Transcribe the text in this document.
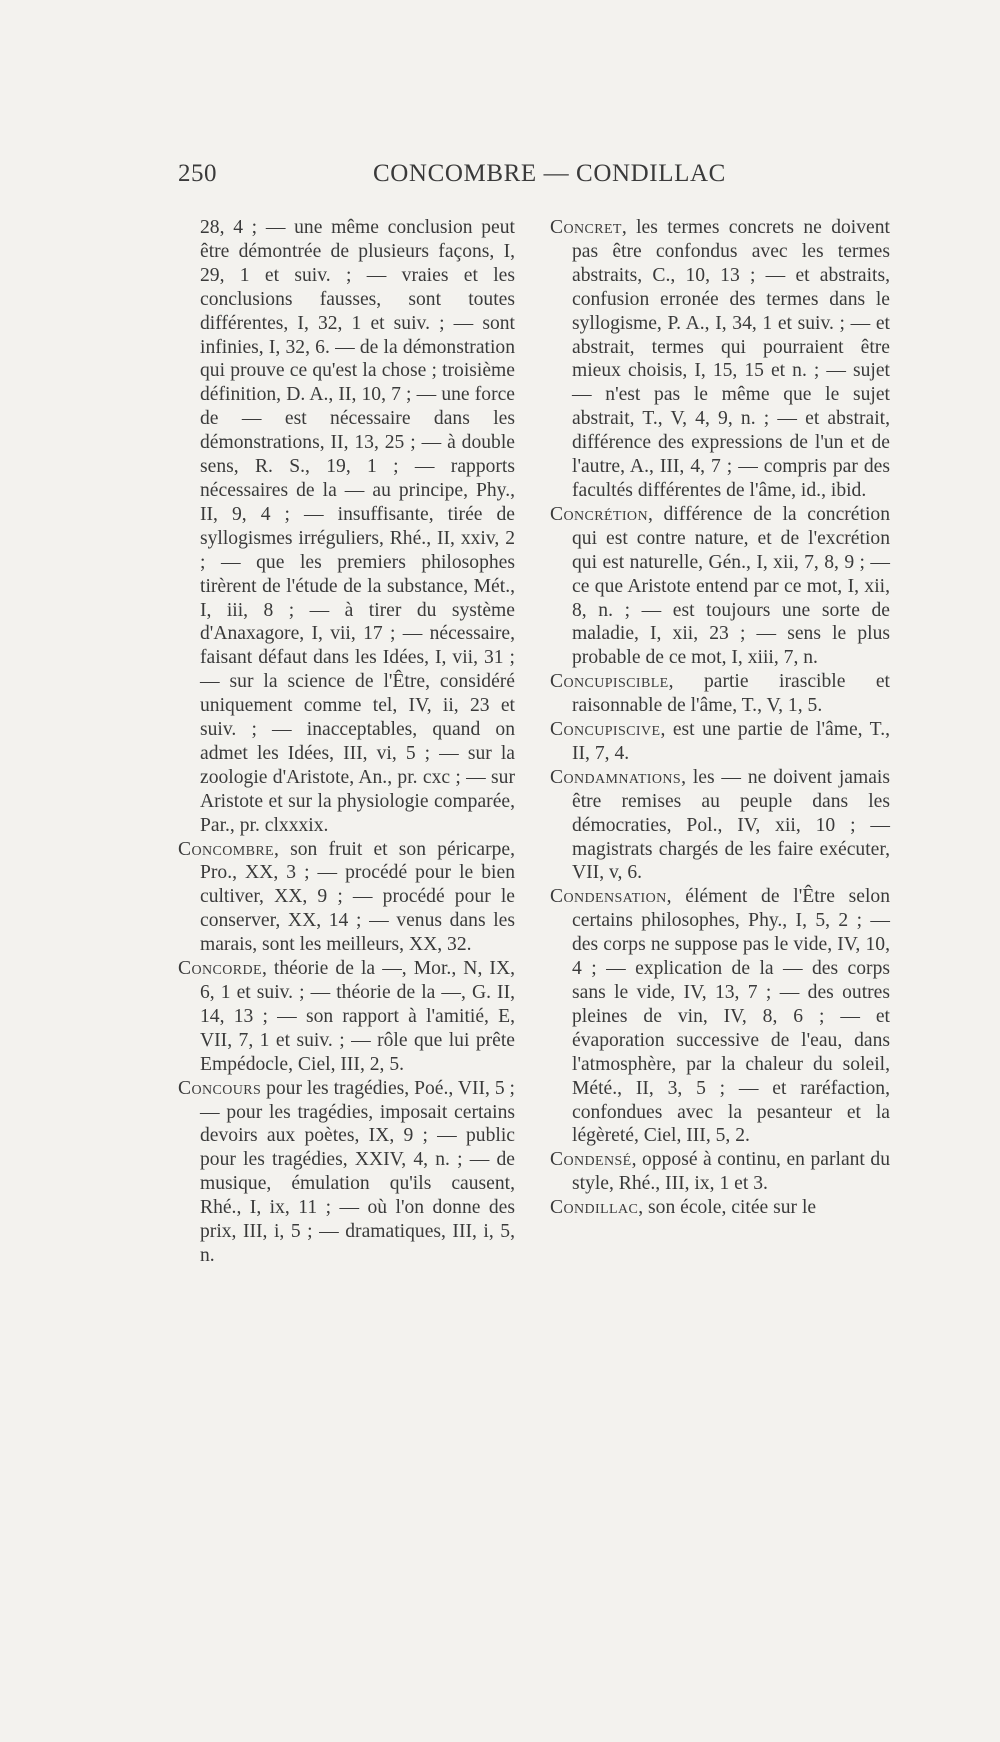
250	CONCOMBRE — CONDILLAC

28, 4 ; — une même conclusion peut être démontrée de plusieurs façons, I, 29, 1 et suiv. ; — vraies et les conclusions fausses, sont toutes différentes, I, 32, 1 et suiv. ; — sont infinies, I, 32, 6. — de la démonstration qui prouve ce qu'est la chose ; troisième définition, D. A., II, 10, 7 ; — une force de — est nécessaire dans les démonstrations, II, 13, 25 ; — à double sens, R. S., 19, 1 ; — rapports nécessaires de la — au principe, Phy., II, 9, 4 ; — insuffisante, tirée de syllogismes irréguliers, Rhé., II, xxiv, 2 ; — que les premiers philosophes tirèrent de l'étude de la substance, Mét., I, iii, 8 ; — à tirer du système d'Anaxagore, I, vii, 17 ; — nécessaire, faisant défaut dans les Idées, I, vii, 31 ; — sur la science de l'Être, considéré uniquement comme tel, IV, ii, 23 et suiv. ; — inacceptables, quand on admet les Idées, III, vi, 5 ; — sur la zoologie d'Aristote, An., pr. cxc ; — sur Aristote et sur la physiologie comparée, Par., pr. clxxxix.

Concombre, son fruit et son péricarpe, Pro., XX, 3 ; — procédé pour le bien cultiver, XX, 9 ; — procédé pour le conserver, XX, 14 ; — venus dans les marais, sont les meilleurs, XX, 32.

Concorde, théorie de la —, Mor., N, IX, 6, 1 et suiv. ; — théorie de la —, G. II, 14, 13 ; — son rapport à l'amitié, E, VII, 7, 1 et suiv. ; — rôle que lui prête Empédocle, Ciel, III, 2, 5.

Concours pour les tragédies, Poé., VII, 5 ; — pour les tragédies, imposait certains devoirs aux poètes, IX, 9 ; — public pour les tragédies, XXIV, 4, n. ; — de musique, émulation qu'ils causent, Rhé., I, ix, 11 ; — où l'on donne des prix, III, i, 5 ; — dramatiques, III, i, 5, n.

Concret, les termes concrets ne doivent pas être confondus avec les termes abstraits, C., 10, 13 ; — et abstraits, confusion erronée des termes dans le syllogisme, P. A., I, 34, 1 et suiv. ; — et abstrait, termes qui pourraient être mieux choisis, I, 15, 15 et n. ; — sujet — n'est pas le même que le sujet abstrait, T., V, 4, 9, n. ; — et abstrait, différence des expressions de l'un et de l'autre, A., III, 4, 7 ; — compris par des facultés différentes de l'âme, id., ibid.

Concrétion, différence de la concrétion qui est contre nature, et de l'excrétion qui est naturelle, Gén., I, xii, 7, 8, 9 ; — ce que Aristote entend par ce mot, I, xii, 8, n. ; — est toujours une sorte de maladie, I, xii, 23 ; — sens le plus probable de ce mot, I, xiii, 7, n.

Concupiscible, partie irascible et raisonnable de l'âme, T., V, 1, 5.

Concupiscive, est une partie de l'âme, T., II, 7, 4.

Condamnations, les — ne doivent jamais être remises au peuple dans les démocraties, Pol., IV, xii, 10 ; — magistrats chargés de les faire exécuter, VII, v, 6.

Condensation, élément de l'Être selon certains philosophes, Phy., I, 5, 2 ; — des corps ne suppose pas le vide, IV, 10, 4 ; — explication de la — des corps sans le vide, IV, 13, 7 ; — des outres pleines de vin, IV, 8, 6 ; — et évaporation successive de l'eau, dans l'atmosphère, par la chaleur du soleil, Mété., II, 3, 5 ; — et raréfaction, confondues avec la pesanteur et la légèreté, Ciel, III, 5, 2.

Condensé, opposé à continu, en parlant du style, Rhé., III, ix, 1 et 3.

Condillac, son école, citée sur le
